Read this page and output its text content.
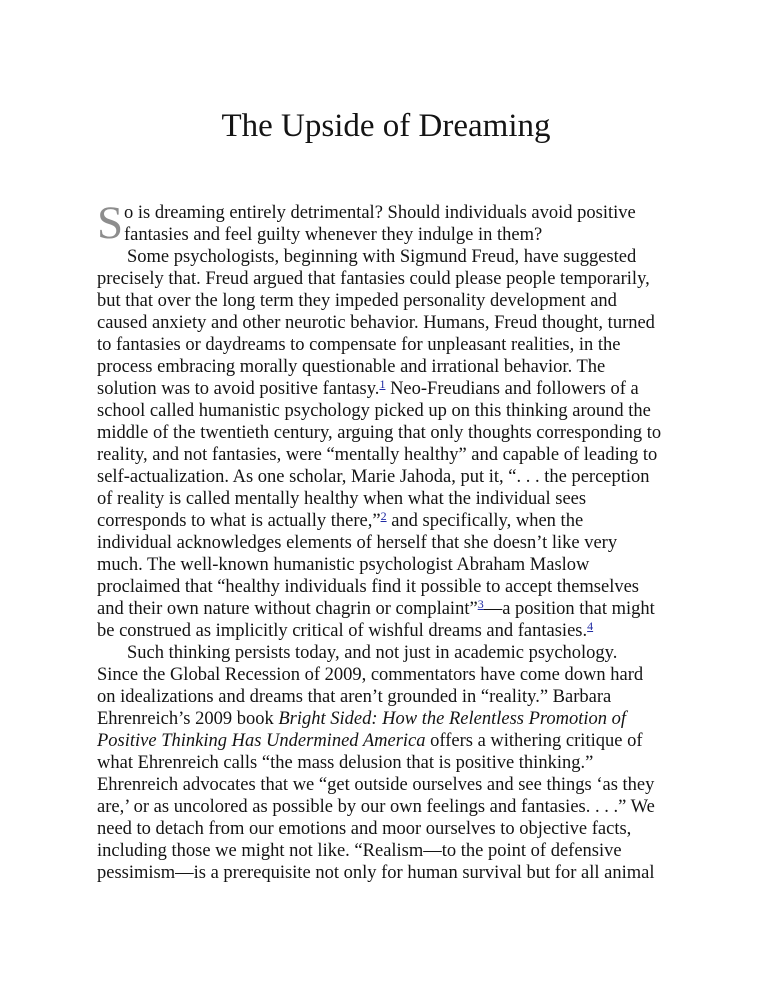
The Upside of Dreaming
S o is dreaming entirely detrimental? Should individuals avoid positive
fantasies and feel guilty whenever they indulge in them?
Some psychologists, beginning with Sigmund Freud, have suggested
precisely that. Freud argued that fantasies could please people temporarily,
but that over the long term they impeded personality development and
caused anxiety and other neurotic behavior. Humans, Freud thought, turned
to fantasies or daydreams to compensate for unpleasant realities, in the
process embracing morally questionable and irrational behavior. The
solution was to avoid positive fantasy.$^1$ Neo-Freudians and followers of a
school called humanistic psychology picked up on this thinking around the
middle of the twentieth century, arguing that only thoughts corresponding to
reality, and not fantasies, were “mentally healthy” and capable of leading to
self-actualization. As one scholar, Marie Jahoda, put it, “. . . the perception
of reality is called mentally healthy when what the individual sees
corresponds to what is actually there,”$^2$ and specifically, when the
individual acknowledges elements of herself that she doesn’t like very
much. The well-known humanistic psychologist Abraham Maslow
proclaimed that “healthy individuals find it possible to accept themselves
and their own nature without chagrin or complaint”$^3$—a position that might
be construed as implicitly critical of wishful dreams and fantasies.$^4$
Such thinking persists today, and not just in academic psychology.
Since the Global Recession of 2009, commentators have come down hard
on idealizations and dreams that aren’t grounded in “reality.” Barbara
Ehrenreich’s 2009 book Bright Sided: How the Relentless Promotion of
Positive Thinking Has Undermined America offers a withering critique of
what Ehrenreich calls “the mass delusion that is positive thinking.”
Ehrenreich advocates that we “get outside ourselves and see things ‘as they
are,’ or as uncolored as possible by our own feelings and fantasies. . . .” We
need to detach from our emotions and moor ourselves to objective facts,
including those we might not like. “Realism—to the point of defensive
pessimism—is a prerequisite not only for human survival but for all animal
